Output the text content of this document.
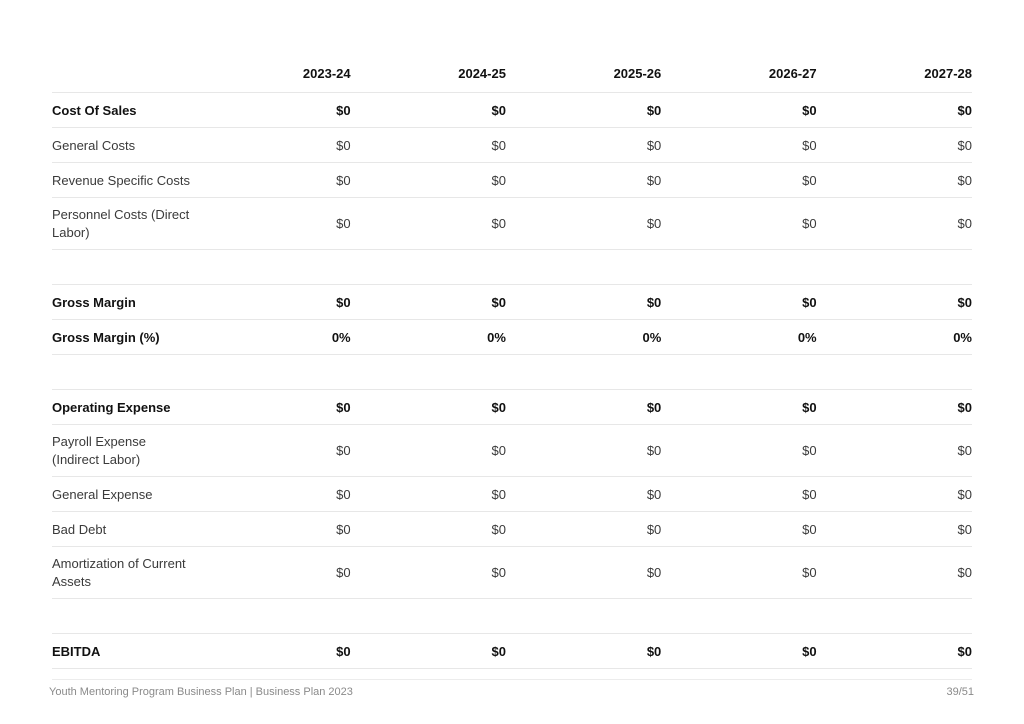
	2023-24	2024-25	2025-26	2026-27	2027-28
Cost Of Sales	$0	$0	$0	$0	$0
General Costs	$0	$0	$0	$0	$0
Revenue Specific Costs	$0	$0	$0	$0	$0
Personnel Costs (Direct Labor)	$0	$0	$0	$0	$0

Gross Margin	$0	$0	$0	$0	$0
Gross Margin (%)	0%	0%	0%	0%	0%

Operating Expense	$0	$0	$0	$0	$0
Payroll Expense (Indirect Labor)	$0	$0	$0	$0	$0
General Expense	$0	$0	$0	$0	$0
Bad Debt	$0	$0	$0	$0	$0
Amortization of Current Assets	$0	$0	$0	$0	$0

EBITDA	$0	$0	$0	$0	$0
Youth Mentoring Program Business Plan | Business Plan 2023	39/51
